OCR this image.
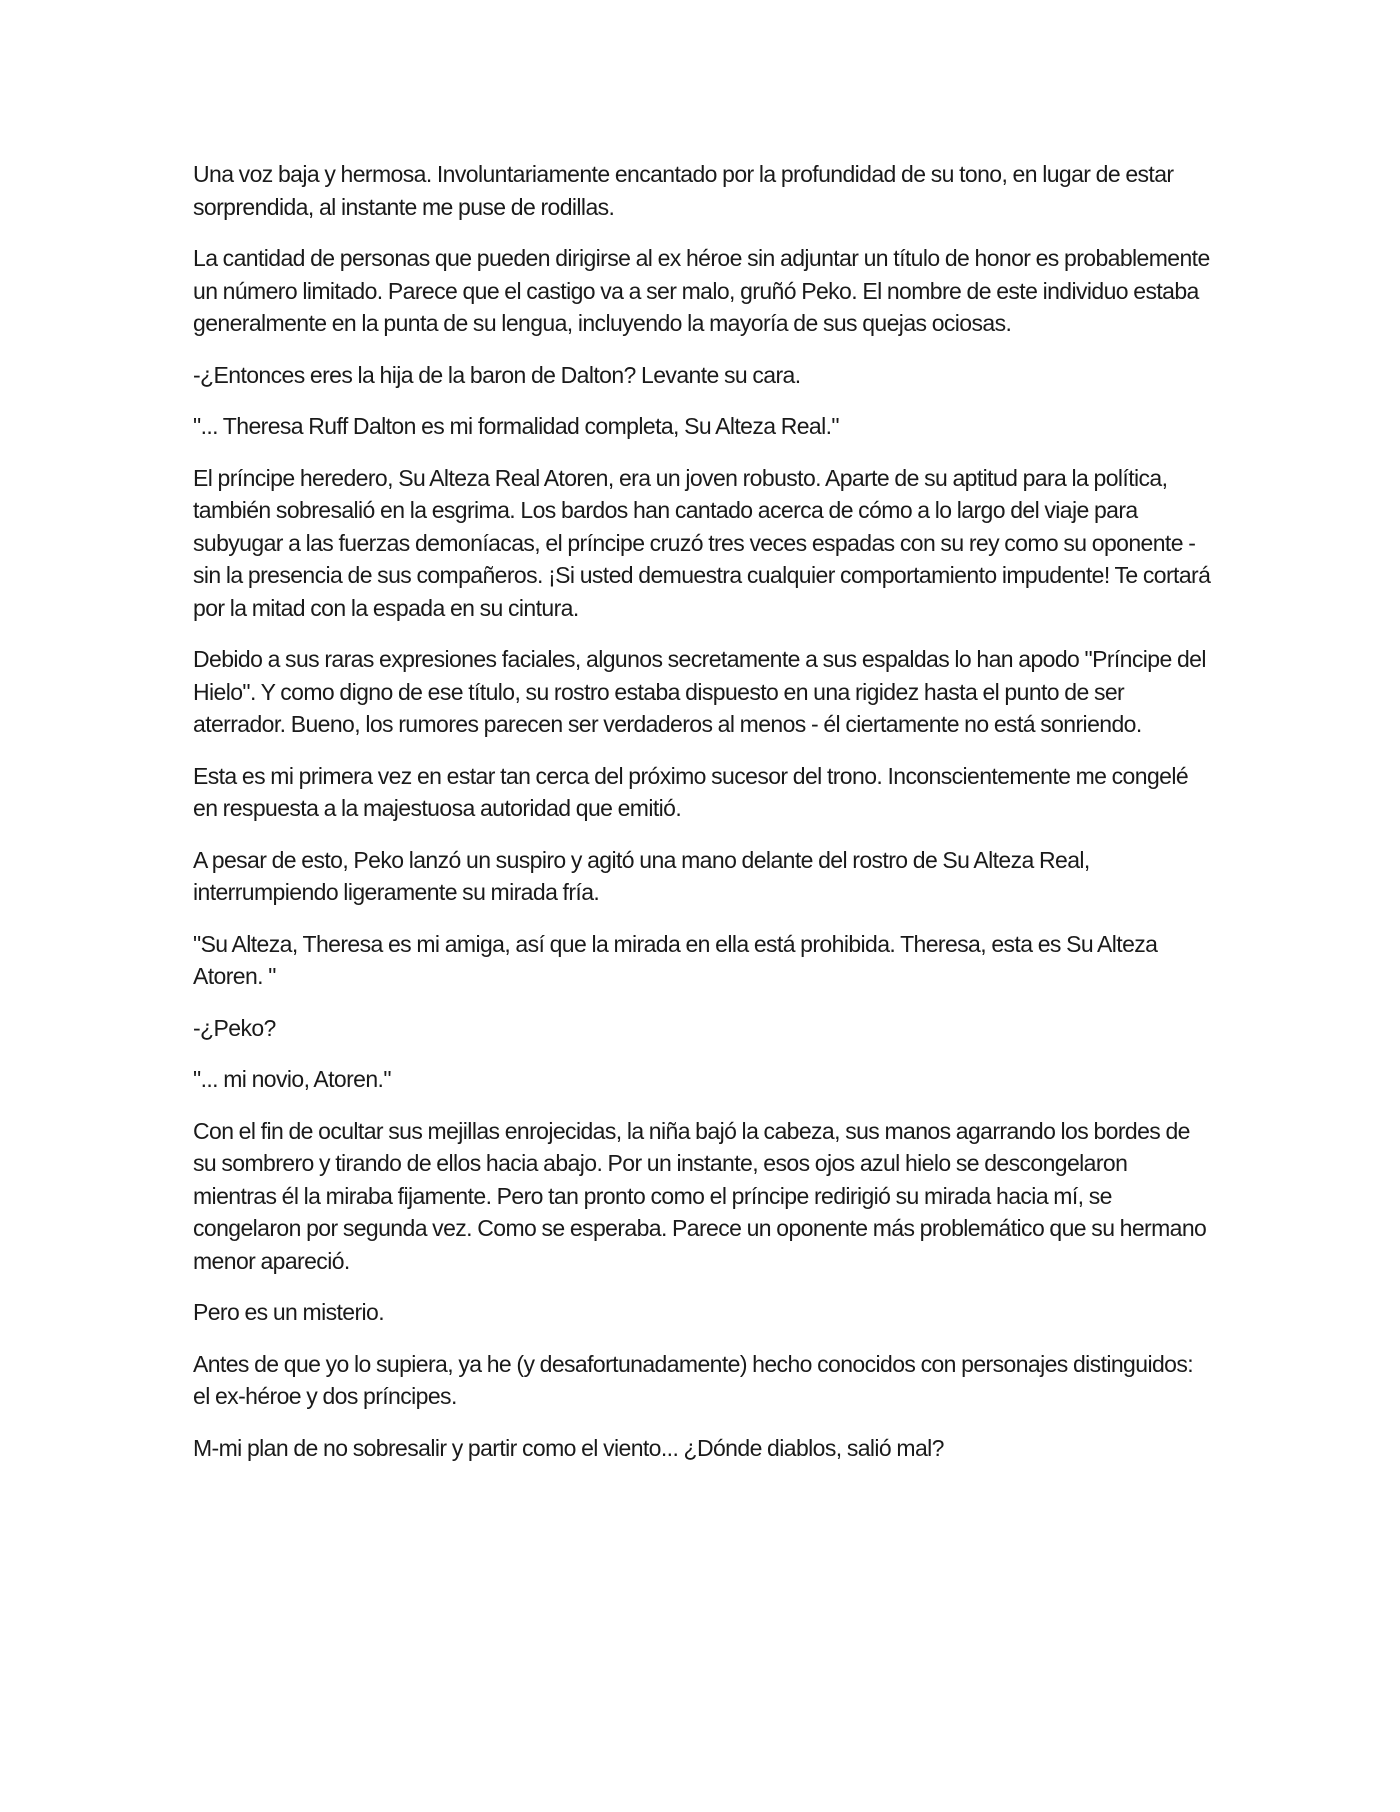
Una voz baja y hermosa. Involuntariamente encantado por la profundidad de su tono, en lugar de estar sorprendida, al instante me puse de rodillas.

La cantidad de personas que pueden dirigirse al ex héroe sin adjuntar un título de honor es probablemente un número limitado. Parece que el castigo va a ser malo, gruñó Peko. El nombre de este individuo estaba generalmente en la punta de su lengua, incluyendo la mayoría de sus quejas ociosas.

-¿Entonces eres la hija de la baron de Dalton? Levante su cara.

"... Theresa Ruff Dalton es mi formalidad completa, Su Alteza Real."

El príncipe heredero, Su Alteza Real Atoren, era un joven robusto. Aparte de su aptitud para la política, también sobresalió en la esgrima. Los bardos han cantado acerca de cómo a lo largo del viaje para subyugar a las fuerzas demoníacas, el príncipe cruzó tres veces espadas con su rey como su oponente - sin la presencia de sus compañeros. ¡Si usted demuestra cualquier comportamiento impudente! Te cortará por la mitad con la espada en su cintura.

Debido a sus raras expresiones faciales, algunos secretamente a sus espaldas lo han apodo "Príncipe del Hielo". Y como digno de ese título, su rostro estaba dispuesto en una rigidez hasta el punto de ser aterrador. Bueno, los rumores parecen ser verdaderos al menos - él ciertamente no está sonriendo.

Esta es mi primera vez en estar tan cerca del próximo sucesor del trono. Inconscientemente me congelé en respuesta a la majestuosa autoridad que emitió.

A pesar de esto, Peko lanzó un suspiro y agitó una mano delante del rostro de Su Alteza Real, interrumpiendo ligeramente su mirada fría.

"Su Alteza, Theresa es mi amiga, así que la mirada en ella está prohibida. Theresa, esta es Su Alteza Atoren. "

-¿Peko?

"... mi novio, Atoren."

Con el fin de ocultar sus mejillas enrojecidas, la niña bajó la cabeza, sus manos agarrando los bordes de su sombrero y tirando de ellos hacia abajo. Por un instante, esos ojos azul hielo se descongelaron mientras él la miraba fijamente. Pero tan pronto como el príncipe redirigió su mirada hacia mí, se congelaron por segunda vez. Como se esperaba. Parece un oponente más problemático que su hermano menor apareció.

Pero es un misterio.

Antes de que yo lo supiera, ya he (y desafortunadamente) hecho conocidos con personajes distinguidos: el ex-héroe y dos príncipes.

M-mi plan de no sobresalir y partir como el viento... ¿Dónde diablos, salió mal?
